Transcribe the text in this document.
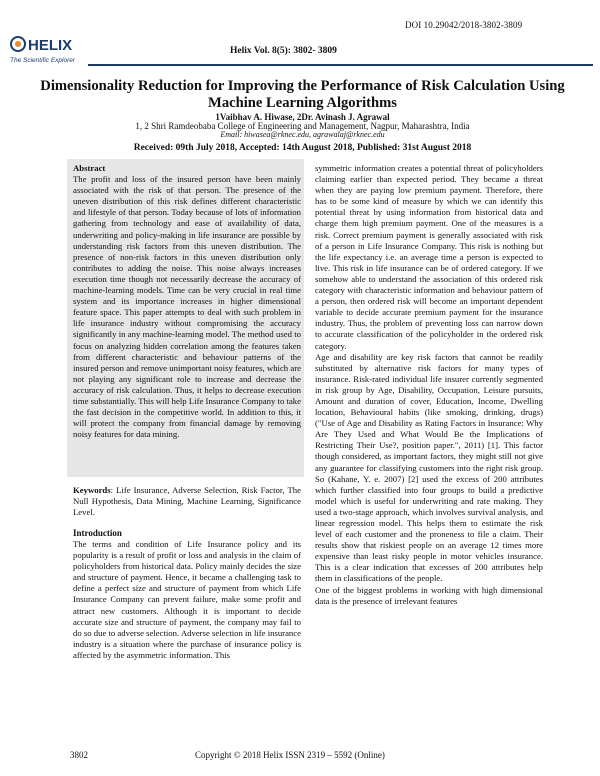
DOI 10.29042/2018-3802-3809
HELIX
The Scientific Explorer
Helix Vol. 8(5): 3802- 3809
Dimensionality Reduction for Improving the Performance of Risk Calculation Using Machine Learning Algorithms
1Vaibhav A. Hiwase, 2Dr. Avinash J. Agrawal
1, 2 Shri Ramdeobaba College of Engineering and Management, Nagpur, Maharashtra, India
Email: hiwasea@rknec.edu, agrawalaj@rknec.edu
Received: 09th July 2018, Accepted: 14th August 2018, Published: 31st August 2018

Abstract

The profit and loss of the insured person have been mainly associated with the risk of that person. The presence of the uneven distribution of this risk defines different characteristic and lifestyle of that person. Today because of lots of information gathering from technology and ease of availability of data, underwriting and policy-making in life insurance are possible by understanding risk factors from this uneven distribution. The presence of non-risk factors in this uneven distribution only contributes to adding the noise. This noise always increases execution time though not necessarily decrease the accuracy of machine-learning models. Time can be very crucial in real time system and its importance increases in higher dimensional feature space. This paper attempts to deal with such problem in life insurance industry without compromising the accuracy significantly in any machine-learning model. The method used to focus on analyzing hidden correlation among the features taken from different characteristic and behaviour patterns of the insured person and remove unimportant noisy features, which are not playing any significant role to increase and decrease the accuracy of risk calculation. Thus, it helps to decrease execution time substantially. This will help Life Insurance Company to take the fast decision in the competitive world. In addition to this, it will protect the company from financial damage by removing noisy features for data mining.

Keywords: Life Insurance, Adverse Selection, Risk Factor, The Null Hypothesis, Data Mining, Machine Learning, Significance Level.

Introduction
The terms and condition of Life Insurance policy and its popularity is a result of profit or loss and analysis in the claim of policyholders from historical data. Policy mainly decides the size and structure of payment. Hence, it became a challenging task to define a perfect size and structure of payment from which Life Insurance Company can prevent failure, make some profit and attract new customers. Although it is important to decide accurate size and structure of payment, the company may fail to do so due to adverse selection. Adverse selection in life insurance industry is a situation where the purchase of insurance policy is affected by the asymmetric information. This

symmetric information creates a potential threat of policyholders claiming earlier than expected period. They became a threat when they are paying low premium payment. Therefore, there has to be some kind of measure by which we can identify this potential threat by using information from historical data and charge them high premium payment. One of the measures is a risk. Correct premium payment is generally associated with risk of a person in Life Insurance Company. This risk is nothing but the life expectancy i.e. an average time a person is expected to live. This risk in life insurance can be of ordered category. If we somehow able to understand the association of this ordered risk category with characteristic information and behaviour pattern of a person, then ordered risk will become an important dependent variable to decide accurate premium payment for the insurance industry. Thus, the problem of preventing loss can narrow down to accurate classification of the policyholder in the ordered risk category.

Age and disability are key risk factors that cannot be readily substituted by alternative risk factors for many types of insurance. Risk-rated individual life insurer currently segmented in risk group by Age, Disability, Occupation, Leisure pursuits, Amount and duration of cover, Education, Income, Dwelling location, Behavioural habits (like smoking, drinking, drugs) ("Use of Age and Disability as Rating Factors in Insurance: Why Are They Used and What Would Be the Implications of Restricting Their Use?, position paper.", 2011) [1]. This factor though considered, as important factors, they might still not give any guarantee for classifying customers into the right risk group. So (Kahane, Y. e. 2007) [2] used the excess of 200 attributes which further classified into four groups to build a predictive model which is useful for underwriting and rate making. They used a two-stage approach, which involves survival analysis, and linear regression model. This helps them to estimate the risk level of each customer and the proneness to file a claim. Their results show that riskiest people on an average 12 times more expensive than least risky people in motor vehicles insurance. This is a clear indication that excesses of 200 attributes help them in classifications of the people.

One of the biggest problems in working with high dimensional data is the presence of irrelevant features

3802	Copyright © 2018 Helix ISSN 2319 – 5592 (Online)
